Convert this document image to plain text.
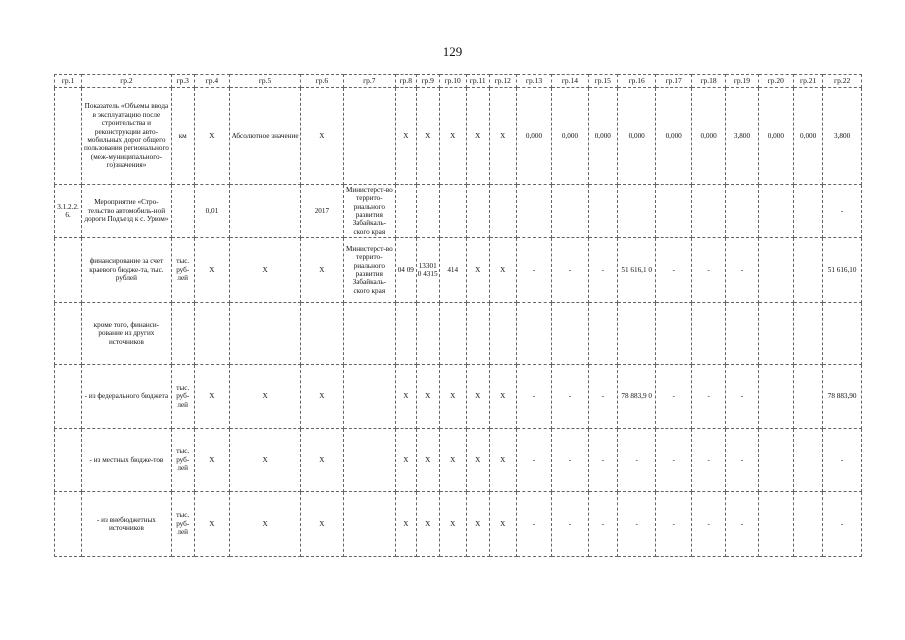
129
гр.1	гр.2	гр.3	гр.4	гр.5	гр.6	гр.7	гр.8	гр.9	гр.10	гр.11	гр.12	гр.13	гр.14	гр.15	гр.16	гр.17	гр.18	гр.19	гр.20	гр.21	гр.22
	Показатель «Объемы ввода в эксплуатацию после строительства и реконструкции авто-мобильных дорог общего пользования регионального (меж-муниципального-го)значения»	км	X	Абсолютное значение	X		X	X	X	X	X	0,000	0,000	0,000	0,000	0,000	0,000	3,800	0,000	0,000	3,800
3.1.2.2.6.	Мероприятие «Стро-тельство автомобиль-ной дороги Подъезд к с. Урюм»		0,01		2017	Министерст-во террито-риального развития Забайкаль-ского края															-
	финансирование за счет краевого бюдже-та, тыс. рублей	тыс. руб-лей	X	X	X	Министерст-во террито-риального развития Забайкаль-ского края	04 09	133010 4315	414	X	X	-	-	-	51 616,1 0	-	-	-			51 616,10
	кроме того, финанси-рование из других источников																				
	- из федерального бюджета	тыс. руб-лей	X	X	X		X	X	X	X	X	-	-	-	78 883,9 0	-	-	-			78 883,90
	- из местных бюдже-тов	тыс. руб-лей	X	X	X		X	X	X	X	X	-	-	-	-	-	-	-			-
	- из внебюджетных источников	тыс. руб-лей	X	X	X		X	X	X	X	X	-	-	-	-	-	-	-			-
